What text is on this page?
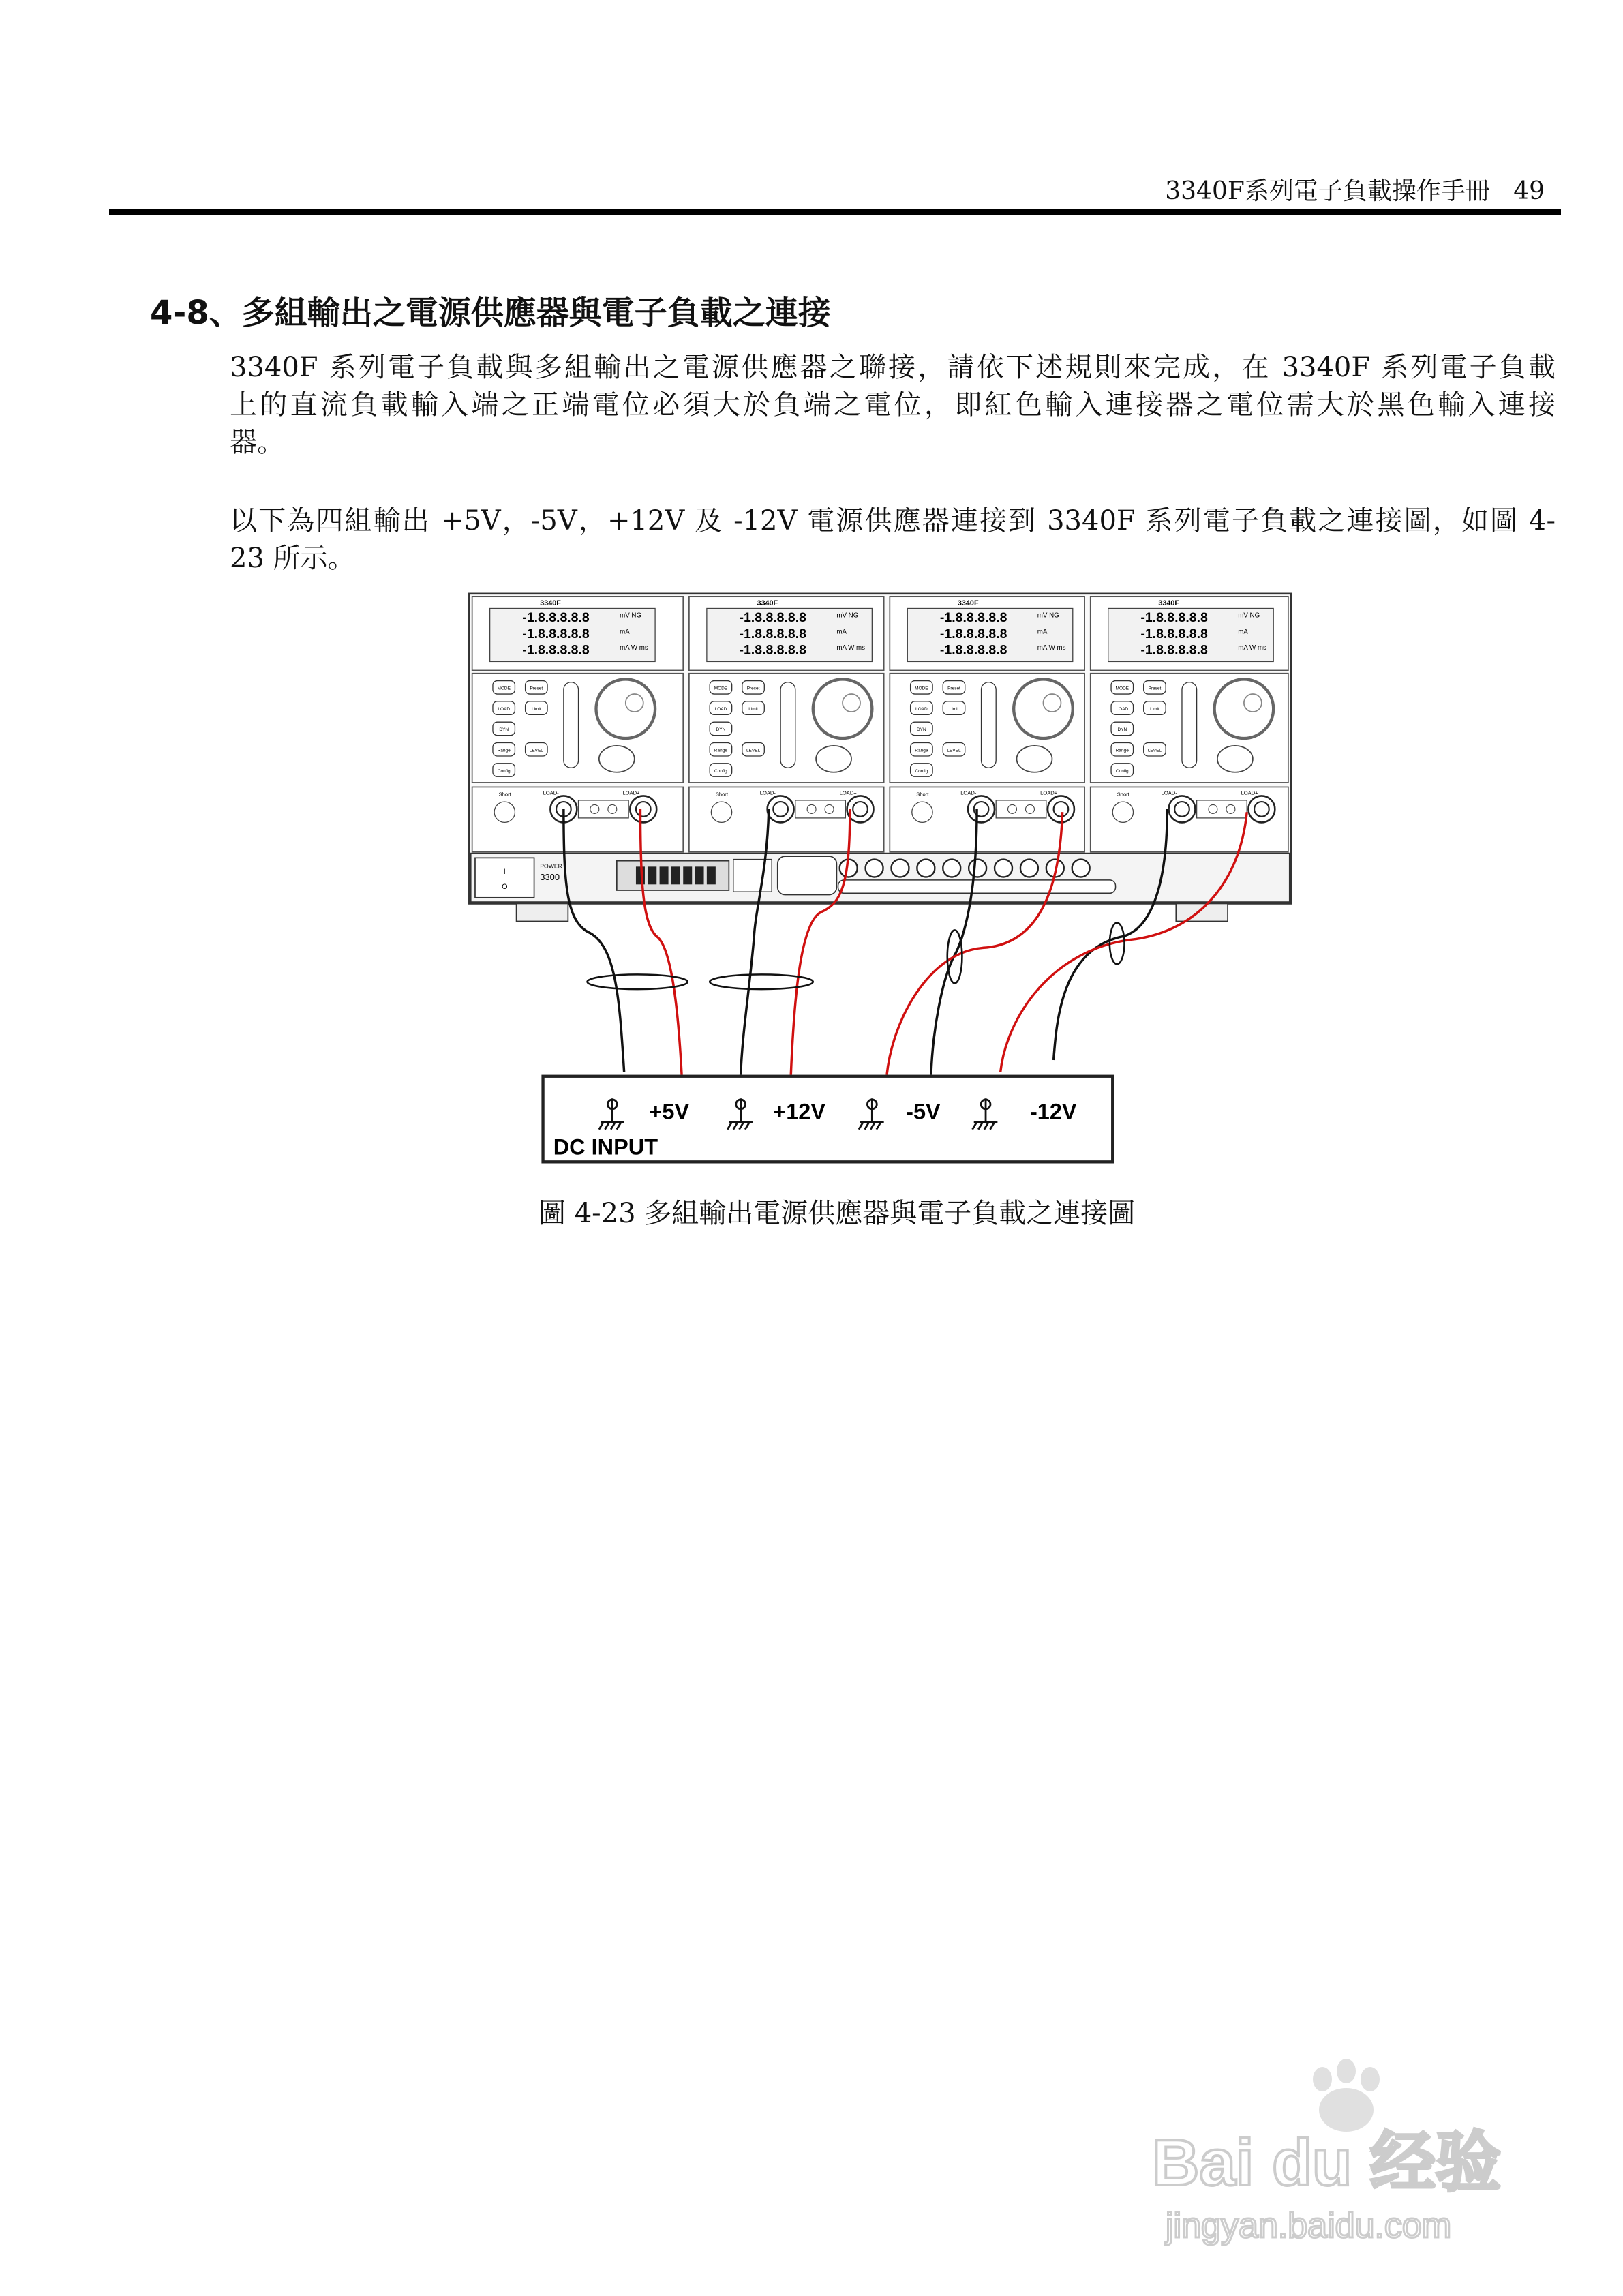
3340F系列電子負載操作手冊 49
4-8、多組輸出之電源供應器與電子負載之連接
3340F 系列電子負載與多組輸出之電源供應器之聯接，請依下述規則來完成，在 3340F 系列電子負載
上的直流負載輸入端之正端電位必須大於負端之電位，即紅色輸入連接器之電位需大於黑色輸入連接
器。
以下為四組輸出 +5V，-5V，+12V 及 -12V 電源供應器連接到 3340F 系列電子負載之連接圖，如圖 4-
23 所示。
3340F
-1.8.8.8.8.8	mV NG
-1.8.8.8.8.8	mA
-1.8.8.8.8.8	mA W ms
MODE	Preset
LOAD	Limit
DYN
Range	LEVEL
Config
Short	LOAD-	LOAD+
3340F
-1.8.8.8.8.8	mV NG
-1.8.8.8.8.8	mA
-1.8.8.8.8.8	mA W ms
MODE	Preset
LOAD	Limit
DYN
Range	LEVEL
Config
Short	LOAD-	LOAD+
3340F
-1.8.8.8.8.8	mV NG
-1.8.8.8.8.8	mA
-1.8.8.8.8.8	mA W ms
MODE	Preset
LOAD	Limit
DYN
Range	LEVEL
Config
Short	LOAD-	LOAD+
3340F
-1.8.8.8.8.8	mV NG
-1.8.8.8.8.8	mA
-1.8.8.8.8.8	mA W ms
MODE	Preset
LOAD	Limit
DYN
Range	LEVEL
Config
Short	LOAD-	LOAD+
I
O
POWER
3300
+5V	+12V	-5V	-12V
DC INPUT
圖 4-23 多組輸出電源供應器與電子負載之連接圖
Bai du 经验
jingyan.baidu.com
